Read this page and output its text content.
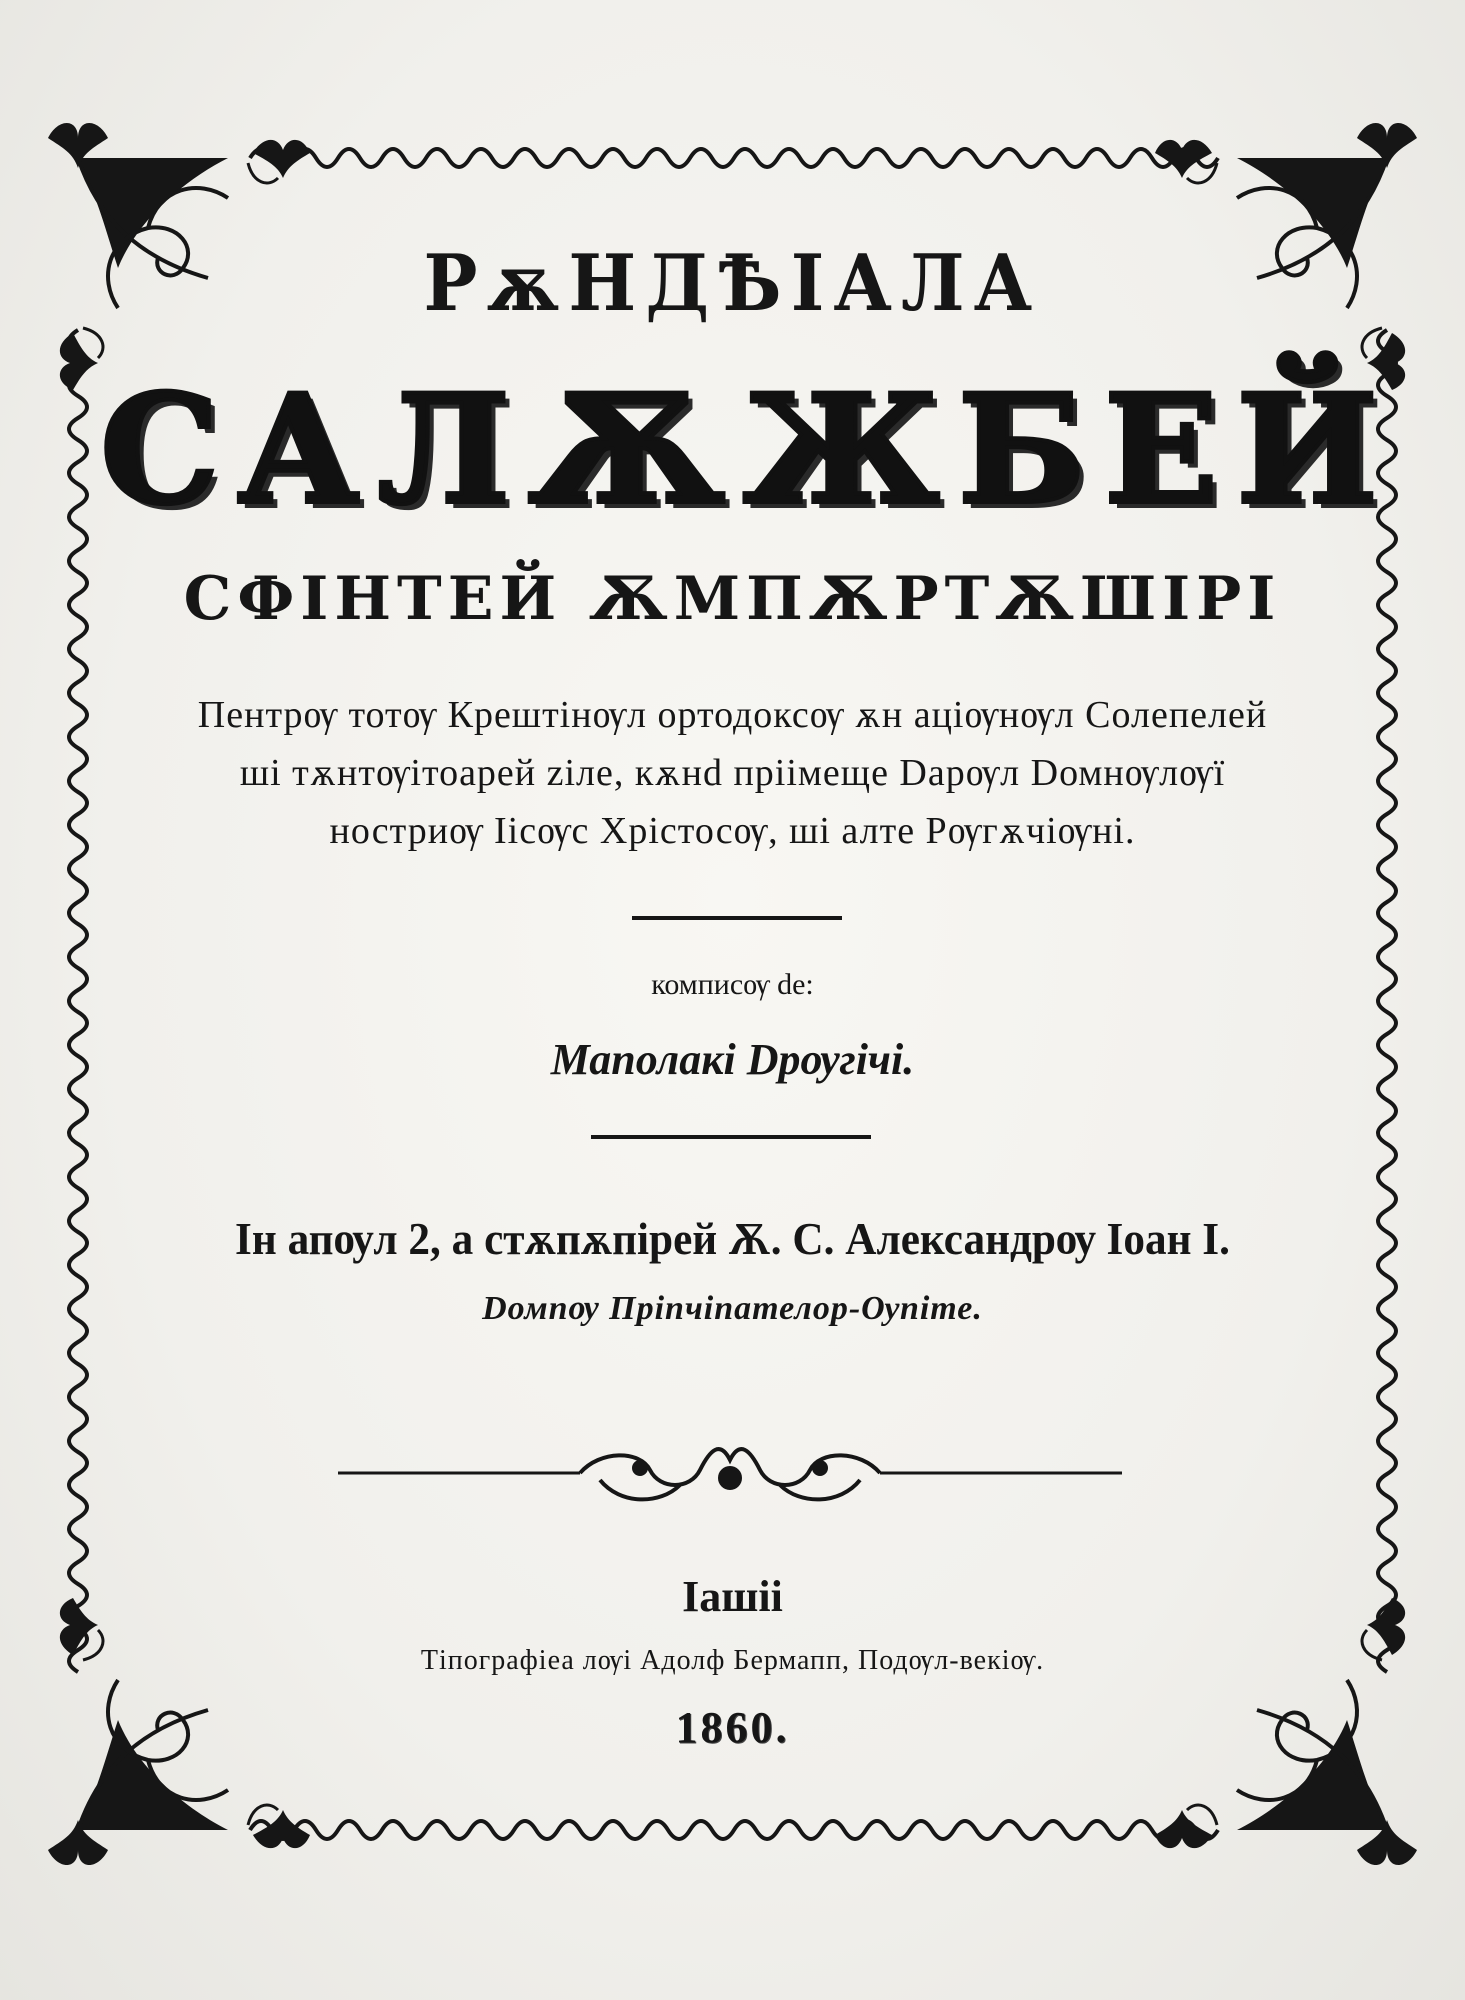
РѫНДѢІАЛА
САЛѪЖБЕЙ
СФІНТЕЙ ѪМПѪРТѪШІРІ
Пентрѹ тотѹ Крештінѹл ортодоксѹ ѫн аціѹнѹл Солепелей
ші тѫнтѹітоарей zіле, кѫнd пріімеще Dарѹл Dомнѹлѹї
ностриѹ Іісѹс Хрістосѹ, ші алте Рѹгѫчіѹні.
комписѹ de:
Маполакі Dрѹгічі.
Ін апѹл 2, а стѫпѫпірей Ѫ. С. Александрѹ Іоан І.
Dомпѹ Пріпчіпателор-Ѹпіте.
Іашіі
Тіпографіеа лѹі Адолф Бермапп, Подѹл-векіѹ.
1860.
